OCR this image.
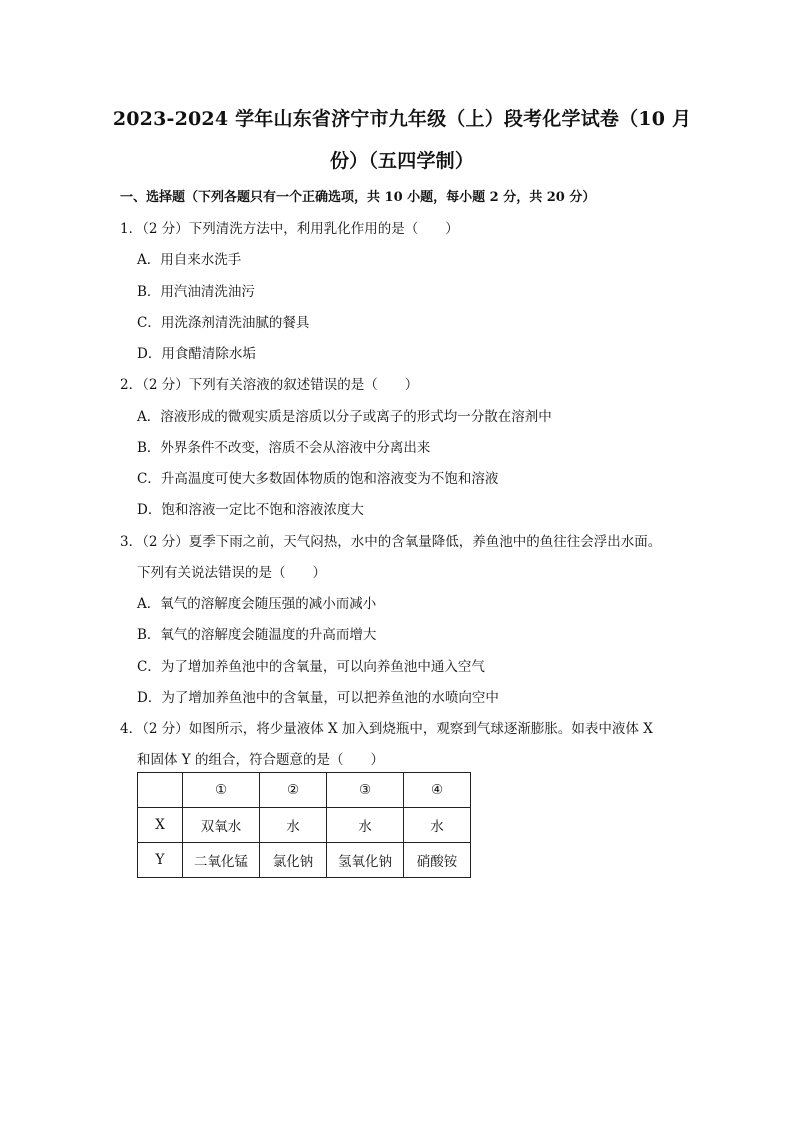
2023-2024 学年山东省济宁市九年级（上）段考化学试卷（10 月
份）（五四学制）
一、选择题（下列各题只有一个正确选项，共 10 小题，每小题 2 分，共 20 分）
1．（2 分）下列清洗方法中，利用乳化作用的是（　　）
A．用自来水洗手
B．用汽油清洗油污
C．用洗涤剂清洗油腻的餐具
D．用食醋清除水垢
2．（2 分）下列有关溶液的叙述错误的是（　　）
A．溶液形成的微观实质是溶质以分子或离子的形式均一分散在溶剂中
B．外界条件不改变，溶质不会从溶液中分离出来
C．升高温度可使大多数固体物质的饱和溶液变为不饱和溶液
D．饱和溶液一定比不饱和溶液浓度大
3．（2 分）夏季下雨之前，天气闷热，水中的含氧量降低，养鱼池中的鱼往往会浮出水面。
下列有关说法错误的是（　　）
A．氧气的溶解度会随压强的减小而减小
B．氧气的溶解度会随温度的升高而增大
C．为了增加养鱼池中的含氧量，可以向养鱼池中通入空气
D．为了增加养鱼池中的含氧量，可以把养鱼池的水喷向空中
4．（2 分）如图所示，将少量液体 X 加入到烧瓶中，观察到气球逐渐膨胀。如表中液体 X
和固体 Y 的组合，符合题意的是（　　）
	①	②	③	④
X	双氧水	水	水	水
Y	二氧化锰	氯化钠	氢氧化钠	硝酸铵
